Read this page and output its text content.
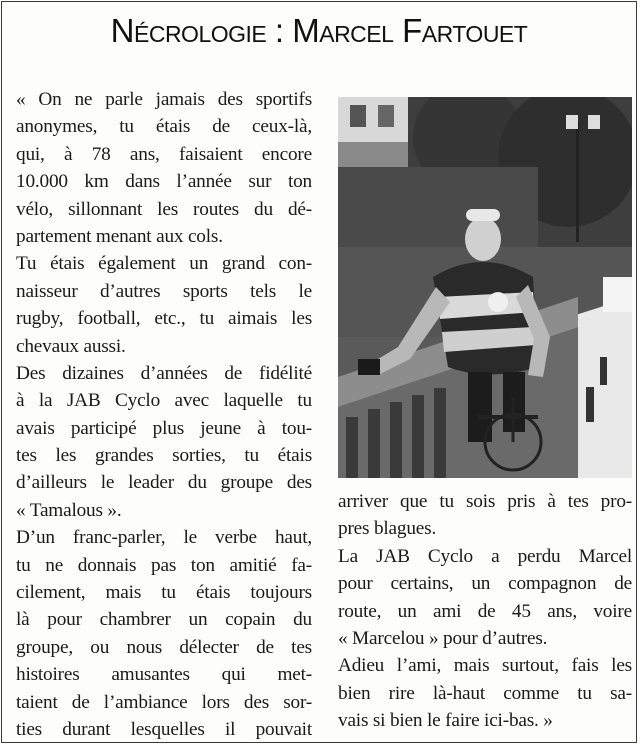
Nécrologie : Marcel Fartouet
« On ne parle jamais des sportifs
anonymes, tu étais de ceux-là,
qui, à 78 ans, faisaient encore
10.000 km dans l’année sur ton
vélo, sillonnant les routes du dé-
partement menant aux cols.
Tu étais également un grand con-
naisseur d’autres sports tels le
rugby, football, etc., tu aimais les
chevaux aussi.
Des dizaines d’années de fidélité
à la JAB Cyclo avec laquelle tu
avais participé plus jeune à tou-
tes les grandes sorties, tu étais
d’ailleurs le leader du groupe des
« Tamalous ».
D’un franc-parler, le verbe haut,
tu ne donnais pas ton amitié fa-
cilement, mais tu étais toujours
là pour chambrer un copain du
groupe, ou nous délecter de tes
histoires amusantes qui met-
taient de l’ambiance lors des sor-
ties durant lesquelles il pouvait
arriver que tu sois pris à tes pro-
pres blagues.
La JAB Cyclo a perdu Marcel
pour certains, un compagnon de
route, un ami de 45 ans, voire
« Marcelou » pour d’autres.
Adieu l’ami, mais surtout, fais les
bien rire là-haut comme tu sa-
vais si bien le faire ici-bas. »
